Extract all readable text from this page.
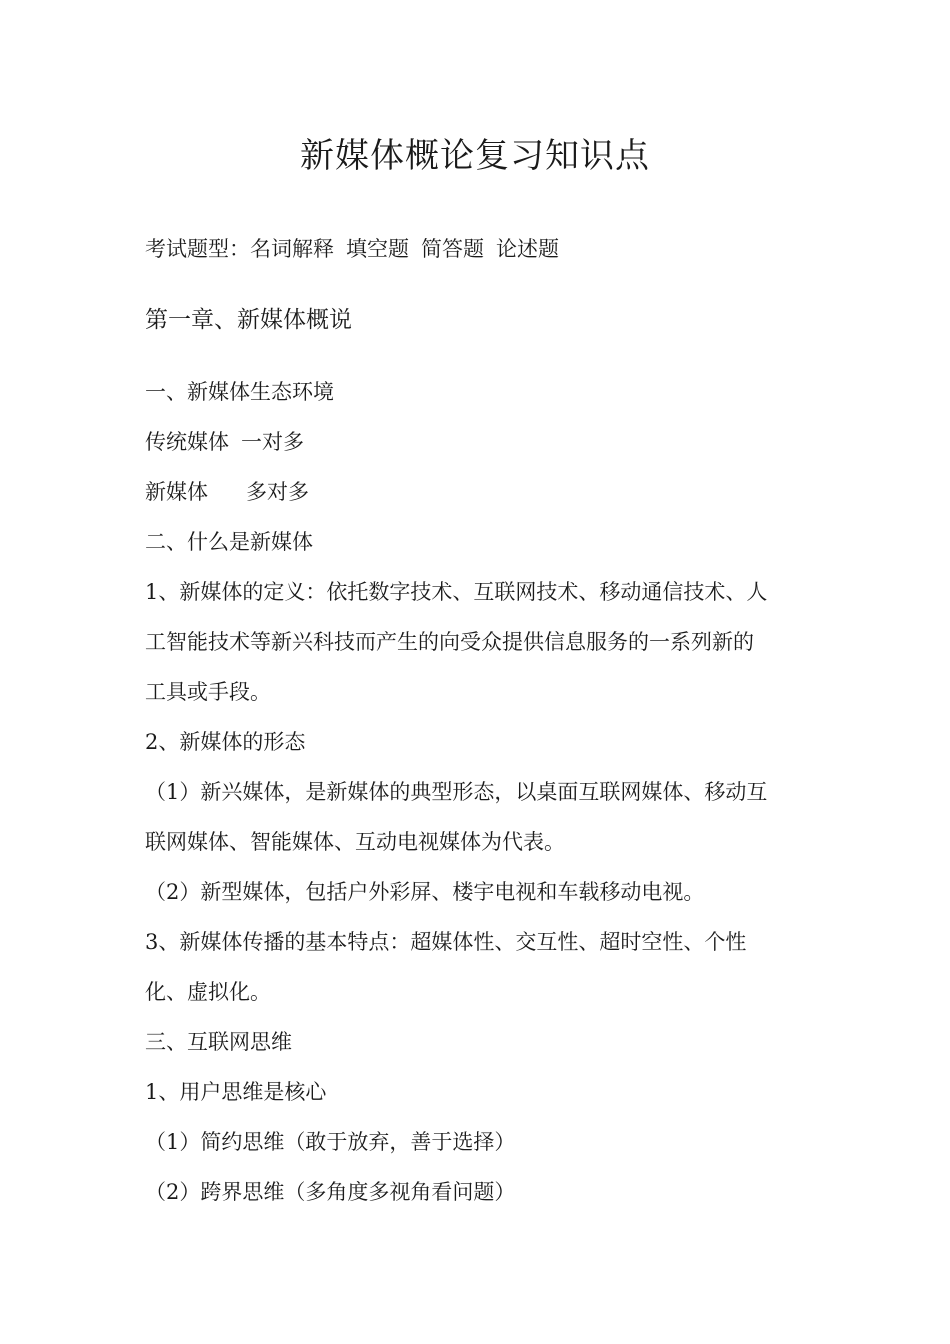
新媒体概论复习知识点
考试题型：名词解释 填空题 简答题 论述题
第一章、新媒体概说
一、新媒体生态环境
传统媒体 一对多
新媒体 多对多
二、什么是新媒体
1、新媒体的定义：依托数字技术、互联网技术、移动通信技术、人
工智能技术等新兴科技而产生的向受众提供信息服务的一系列新的
工具或手段。
2、新媒体的形态
（1）新兴媒体，是新媒体的典型形态，以桌面互联网媒体、移动互
联网媒体、智能媒体、互动电视媒体为代表。
（2）新型媒体，包括户外彩屏、楼宇电视和车载移动电视。
3、新媒体传播的基本特点：超媒体性、交互性、超时空性、个性
化、虚拟化。
三、互联网思维
1、用户思维是核心
（1）简约思维（敢于放弃，善于选择）
（2）跨界思维（多角度多视角看问题）
